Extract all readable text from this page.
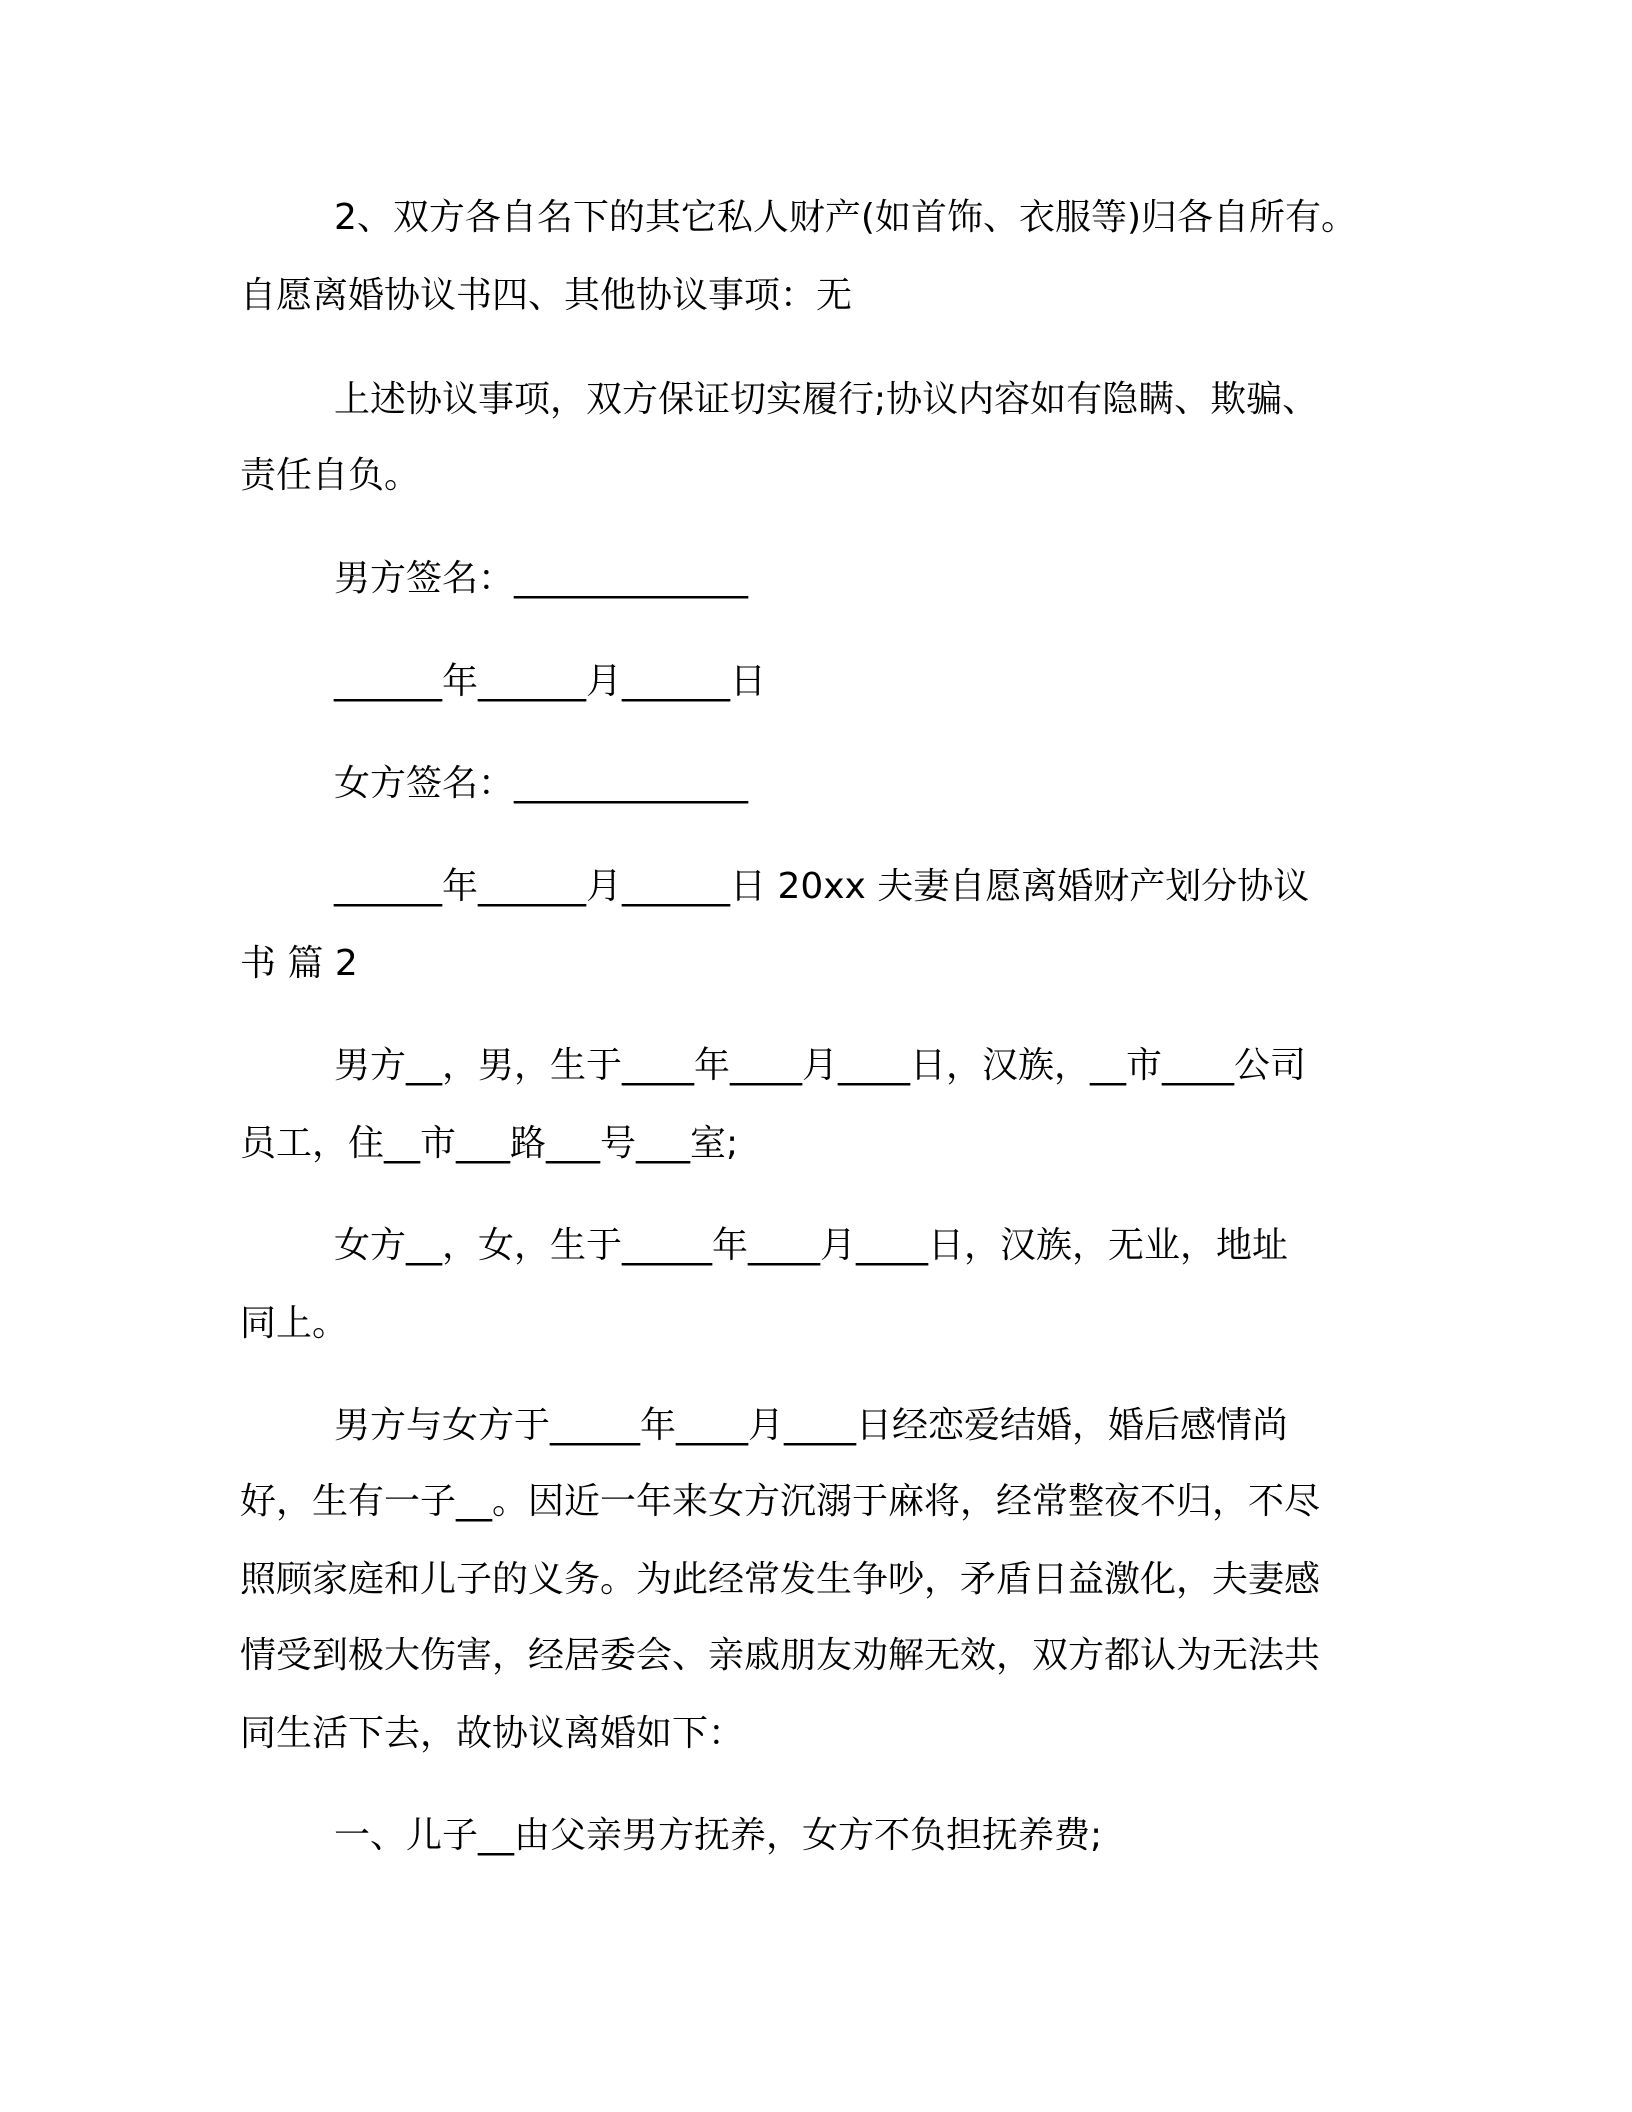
2、双方各自名下的其它私人财产(如首饰、衣服等)归各自所有。

自愿离婚协议书四、其他协议事项：无

上述协议事项，双方保证切实履行;协议内容如有隐瞒、欺骗、

责任自负。

男方签名：_____________

______年______月______日

女方签名：_____________

______年______月______日 20xx 夫妻自愿离婚财产划分协议

书 篇 2

男方__，男，生于____年____月____日，汉族，__市____公司

员工，住__市___路___号___室;

女方__，女，生于_____年____月____日，汉族，无业，地址

同上。

男方与女方于_____年____月____日经恋爱结婚，婚后感情尚

好，生有一子__。因近一年来女方沉溺于麻将，经常整夜不归，不尽

照顾家庭和儿子的义务。为此经常发生争吵，矛盾日益激化，夫妻感

情受到极大伤害，经居委会、亲戚朋友劝解无效，双方都认为无法共

同生活下去，故协议离婚如下：

一、儿子__由父亲男方抚养，女方不负担抚养费;
